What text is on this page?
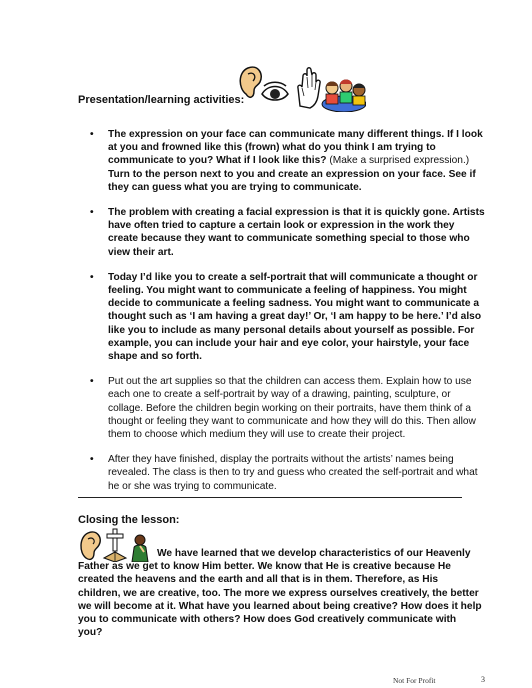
Presentation/learning activities:
• The expression on your face can communicate many different things. If I look at you and frowned like this (frown) what do you think I am trying to communicate to you? What if I look like this? (Make a surprised expression.) Turn to the person next to you and create an expression on your face. See if they can guess what you are trying to communicate.
• The problem with creating a facial expression is that it is quickly gone. Artists have often tried to capture a certain look or expression in the work they create because they want to communicate something special to those who view their art.
• Today I’d like you to create a self-portrait that will communicate a thought or feeling. You might want to communicate a feeling of happiness. You might decide to communicate a feeling sadness. You might want to communicate a thought such as ‘I am having a great day!’ Or, ‘I am happy to be here.’ I’d also like you to include as many personal details about yourself as possible. For example, you can include your hair and eye color, your hairstyle, your face shape and so forth.
• Put out the art supplies so that the children can access them. Explain how to use each one to create a self-portrait by way of a drawing, painting, sculpture, or collage. Before the children begin working on their portraits, have them think of a thought or feeling they want to communicate and how they will do this. Then allow them to choose which medium they will use to create their project.
• After they have finished, display the portraits without the artists’ names being revealed. The class is then to try and guess who created the self-portrait and what he or she was trying to communicate.
Closing the lesson:
We have learned that we develop characteristics of our Heavenly Father as we get to know Him better. We know that He is creative because He created the heavens and the earth and all that is in them. Therefore, as His children, we are creative, too. The more we express ourselves creatively, the better we will become at it. What have you learned about being creative? How does it help you to communicate with others? How does God creatively communicate with you?
Not For Profit	3
